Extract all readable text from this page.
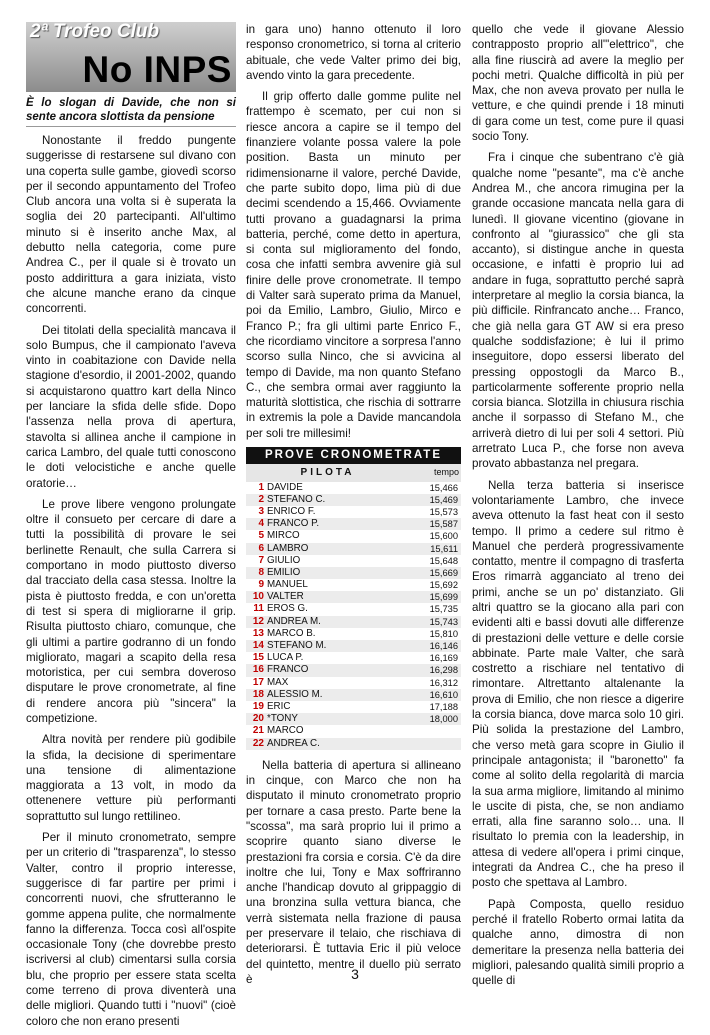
2ª Trofeo Club
No INPS
È lo slogan di Davide, che non si sente ancora slottista da pensione

Nonostante il freddo pungente suggerisse di restarsene sul divano con una coperta sulle gambe, giovedì scorso per il secondo appuntamento del Trofeo Club ancora una volta si è superata la soglia dei 20 partecipanti. All'ultimo minuto si è inserito anche Max, al debutto nella categoria, come pure Andrea C., per il quale si è trovato un posto addirittura a gara iniziata, visto che alcune manche erano da cinque concorrenti.

Dei titolati della specialità mancava il solo Bumpus, che il campionato l'aveva vinto in coabitazione con Davide nella stagione d'esordio, il 2001-2002, quando si acquistarono quattro kart della Ninco per lanciare la sfida delle sfide. Dopo l'assenza nella prova di apertura, stavolta si allinea anche il campione in carica Lambro, del quale tutti conoscono le doti velocistiche e anche quelle oratorie…

Le prove libere vengono prolungate oltre il consueto per cercare di dare a tutti la possibilità di provare le sei berlinette Renault, che sulla Carrera si comportano in modo piuttosto diverso dal tracciato della casa stessa. Inoltre la pista è piuttosto fredda, e con un'oretta di test si spera di migliorarne il grip. Risulta piuttosto chiaro, comunque, che gli ultimi a partire godranno di un fondo migliorato, magari a scapito della resa motoristica, per cui sembra doveroso disputare le prove cronometrate, al fine di rendere ancora più "sincera" la competizione.

Altra novità per rendere più godibile la sfida, la decisione di sperimentare una tensione di alimentazione maggiorata a 13 volt, in modo da ottenenere vetture più performanti soprattutto sul lungo rettilineo.

Per il minuto cronometrato, sempre per un criterio di "trasparenza", lo stesso Valter, contro il proprio interesse, suggerisce di far partire per primi i concorrenti nuovi, che sfrutteranno le gomme appena pulite, che normalmente fanno la differenza. Tocca così all'ospite occasionale Tony (che dovrebbe presto iscriversi al club) cimentarsi sulla corsia blu, che proprio per essere stata scelta come terreno di prova diventerà una delle migliori. Quando tutti i "nuovi" (cioè coloro che non erano presenti

in gara uno) hanno ottenuto il loro responso cronometrico, si torna al criterio abituale, che vede Valter primo dei big, avendo vinto la gara precedente.

Il grip offerto dalle gomme pulite nel frattempo è scemato, per cui non si riesce ancora a capire se il tempo del finanziere volante possa valere la pole position. Basta un minuto per ridimensionarne il valore, perché Davide, che parte subito dopo, lima più di due decimi scendendo a 15,466. Ovviamente tutti provano a guadagnarsi la prima batteria, perché, come detto in apertura, si conta sul miglioramento del fondo, cosa che infatti sembra avvenire già sul finire delle prove cronometrate. Il tempo di Valter sarà superato prima da Manuel, poi da Emilio, Lambro, Giulio, Mirco e Franco P.; fra gli ultimi parte Enrico F., che ricordiamo vincitore a sorpresa l'anno scorso sulla Ninco, che si avvicina al tempo di Davide, ma non quanto Stefano C., che sembra ormai aver raggiunto la maturità slottistica, che rischia di sottrarre in extremis la pole a Davide mancandola per soli tre millesimi!

PROVE CRONOMETRATE
PILOTA	tempo
1 DAVIDE	15,466
2 STEFANO C.	15,469
3 ENRICO F.	15,573
4 FRANCO P.	15,587
5 MIRCO	15,600
6 LAMBRO	15,611
7 GIULIO	15,648
8 EMILIO	15,669
9 MANUEL	15,692
10 VALTER	15,699
11 EROS G.	15,735
12 ANDREA M.	15,743
13 MARCO B.	15,810
14 STEFANO M.	16,146
15 LUCA P.	16,169
16 FRANCO	16,298
17 MAX	16,312
18 ALESSIO M.	16,610
19 ERIC	17,188
20 *TONY	18,000
21 MARCO
22 ANDREA C.

Nella batteria di apertura si allineano in cinque, con Marco che non ha disputato il minuto cronometrato proprio per tornare a casa presto. Parte bene la "scossa", ma sarà proprio lui il primo a scoprire quanto siano diverse le prestazioni fra corsia e corsia. C'è da dire inoltre che lui, Tony e Max soffriranno anche l'handicap dovuto al grippaggio di una bronzina sulla vettura bianca, che verrà sistemata nella frazione di pausa per preservare il telaio, che rischiava di deteriorarsi. È tuttavia Eric il più veloce del quintetto, mentre il duello più serrato è

quello che vede il giovane Alessio contrapposto proprio all'"elettrico", che alla fine riuscirà ad avere la meglio per pochi metri. Qualche difficoltà in più per Max, che non aveva provato per nulla le vetture, e che quindi prende i 18 minuti di gara come un test, come pure il quasi socio Tony.

Fra i cinque che subentrano c'è già qualche nome "pesante", ma c'è anche Andrea M., che ancora rimugina per la grande occasione mancata nella gara di lunedì. Il giovane vicentino (giovane in confronto al "giurassico" che gli sta accanto), si distingue anche in questa occasione, e infatti è proprio lui ad andare in fuga, soprattutto perché saprà interpretare al meglio la corsia bianca, la più difficile. Rinfrancato anche… Franco, che già nella gara GT AW si era preso qualche soddisfazione; è lui il primo inseguitore, dopo essersi liberato del pressing oppostogli da Marco B., particolarmente sofferente proprio nella corsia bianca. Slotzilla in chiusura rischia anche il sorpasso di Stefano M., che arriverà dietro di lui per soli 4 settori. Più arretrato Luca P., che forse non aveva provato abbastanza nel pregara.

Nella terza batteria si inserisce volontariamente Lambro, che invece aveva ottenuto la fast heat con il sesto tempo. Il primo a cedere sul ritmo è Manuel che perderà progressivamente contatto, mentre il compagno di trasferta Eros rimarrà agganciato al treno dei primi, anche se un po' distanziato. Gli altri quattro se la giocano alla pari con evidenti alti e bassi dovuti alle differenze di prestazioni delle vetture e delle corsie abbinate. Parte male Valter, che sarà costretto a rischiare nel tentativo di rimontare. Altrettanto altalenante la prova di Emilio, che non riesce a digerire la corsia bianca, dove marca solo 10 giri. Più solida la prestazione del Lambro, che verso metà gara scopre in Giulio il principale antagonista; il "baronetto" fa come al solito della regolarità di marcia la sua arma migliore, limitando al minimo le uscite di pista, che, se non andiamo errati, alla fine saranno solo… una. Il risultato lo premia con la leadership, in attesa di vedere all'opera i primi cinque, integrati da Andrea C., che ha preso il posto che spettava al Lambro.

Papà Composta, quello residuo perché il fratello Roberto ormai latita da qualche anno, dimostra di non demeritare la presenza nella batteria dei migliori, palesando qualità simili proprio a quelle di

3
